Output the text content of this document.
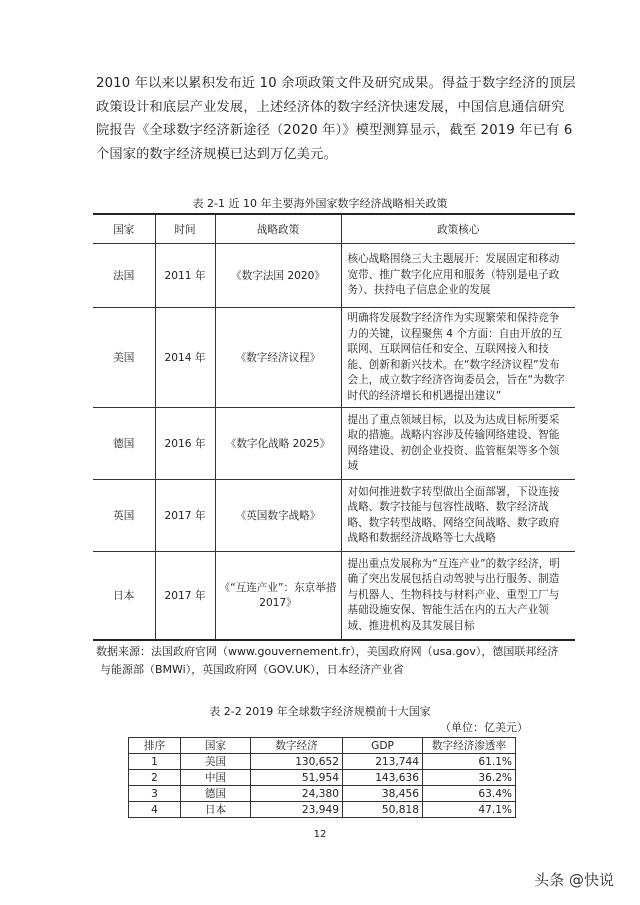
2010 年以来以累积发布近 10 余项政策文件及研究成果。得益于数字经济的顶层
政策设计和底层产业发展，上述经济体的数字经济快速发展，中国信息通信研究
院报告《全球数字经济新途径（2020 年）》模型测算显示，截至 2019 年已有 6
个国家的数字经济规模已达到万亿美元。
表 2-1 近 10 年主要海外国家数字经济战略相关政策
国家	时间	战略政策	政策核心
法国	2011 年	《数字法国 2020》	核心战略围绕三大主题展开：发展固定和移动宽带、推广数字化应用和服务（特别是电子政务）、扶持电子信息企业的发展
美国	2014 年	《数字经济议程》	明确将发展数字经济作为实现繁荣和保持竞争力的关键，议程聚焦 4 个方面：自由开放的互联网、互联网信任和安全、互联网接入和技能、创新和新兴技术。在“数字经济议程”发布会上，成立数字经济咨询委员会，旨在“为数字时代的经济增长和机遇提出建议”
德国	2016 年	《数字化战略 2025》	提出了重点领域目标，以及为达成目标所要采取的措施。战略内容涉及传输网络建设、智能网络建设、初创企业投资、监管框架等多个领域
英国	2017 年	《英国数字战略》	对如何推进数字转型做出全面部署，下设连接战略、数字技能与包容性战略、数字经济战略、数字转型战略、网络空间战略、数字政府战略和数据经济战略等七大战略
日本	2017 年	《“互连产业”：东京举措 2017》	提出重点发展称为“互连产业”的数字经济，明确了突出发展包括自动驾驶与出行服务、制造与机器人、生物科技与材料产业、重型工厂与基础设施安保、智能生活在内的五大产业领域、推进机构及其发展目标
数据来源：法国政府官网（www.gouvernement.fr），美国政府网（usa.gov），德国联邦经济
与能源部（BMWi），英国政府网（GOV.UK），日本经济产业省
表 2-2 2019 年全球数字经济规模前十大国家
（单位：亿美元）
排序	国家	数字经济	GDP	数字经济渗透率
1	美国	130,652	213,744	61.1%
2	中国	51,954	143,636	36.2%
3	德国	24,380	38,456	63.4%
4	日本	23,949	50,818	47.1%
12
头条 @快说
